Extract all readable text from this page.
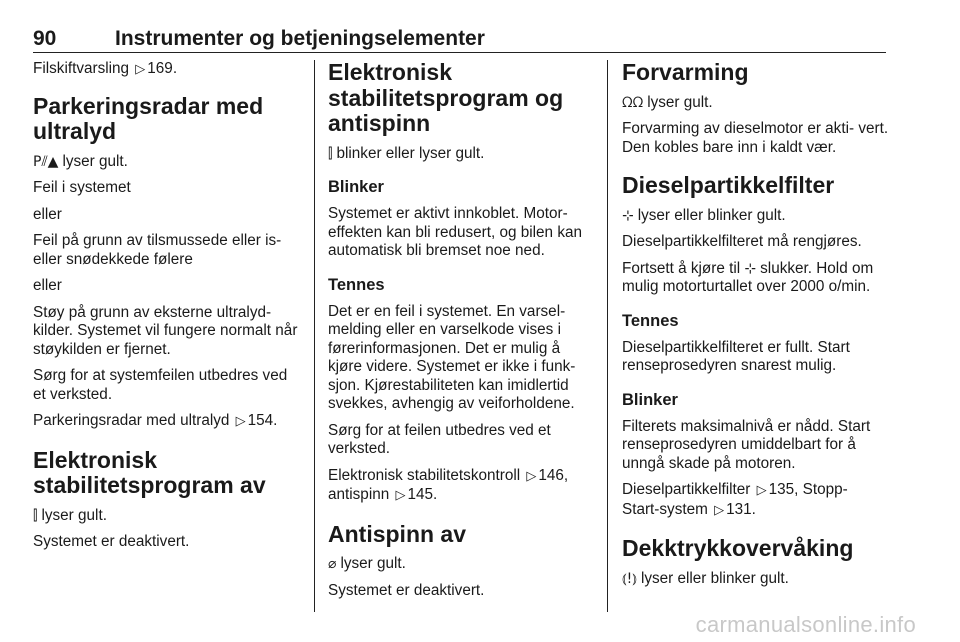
90	Instrumenter og betjeningselementer

Filskiftvarsling ▷ 169.

Parkeringsradar med ultralyd

P⫽▲ lyser gult.

Feil i systemet

eller

Feil på grunn av tilsmussede eller is- eller snødekkede følere

eller

Støy på grunn av eksterne ultralyd- kilder. Systemet vil fungere normalt når støykilden er fjernet.

Sørg for at systemfeilen utbedres ved et verksted.

Parkeringsradar med ultralyd ▷ 154.

Elektronisk stabilitetsprogram av

⫿ lyser gult.

Systemet er deaktivert.

Elektronisk stabilitetsprogram og antispinn

⫿ blinker eller lyser gult.

Blinker

Systemet er aktivt innkoblet. Motor- effekten kan bli redusert, og bilen kan automatisk bli bremset noe ned.

Tennes

Det er en feil i systemet. En varsel- melding eller en varselkode vises i førerinformasjonen. Det er mulig å kjøre videre. Systemet er ikke i funk- sjon. Kjørestabiliteten kan imidlertid svekkes, avhengig av veiforholdene.

Sørg for at feilen utbedres ved et verksted.

Elektronisk stabilitetskontroll ▷ 146,
antispinn ▷ 145.

Antispinn av

⌀ lyser gult.

Systemet er deaktivert.

Forvarming

ᘯᘯ lyser gult.

Forvarming av dieselmotor er akti- vert. Den kobles bare inn i kaldt vær.

Dieselpartikkelfilter

⊹ lyser eller blinker gult.

Dieselpartikkelfilteret må rengjøres.

Fortsett å kjøre til ⊹ slukker. Hold om mulig motorturtallet over 2000 o/min.

Tennes

Dieselpartikkelfilteret er fullt. Start renseprosedyren snarest mulig.

Blinker

Filterets maksimalnivå er nådd. Start renseprosedyren umiddelbart for å unngå skade på motoren.

Dieselpartikkelfilter ▷ 135, Stopp-
Start-system ▷ 131.

Dekktrykkovervåking

⦅!⦆ lyser eller blinker gult.

carmanualsonline.info
